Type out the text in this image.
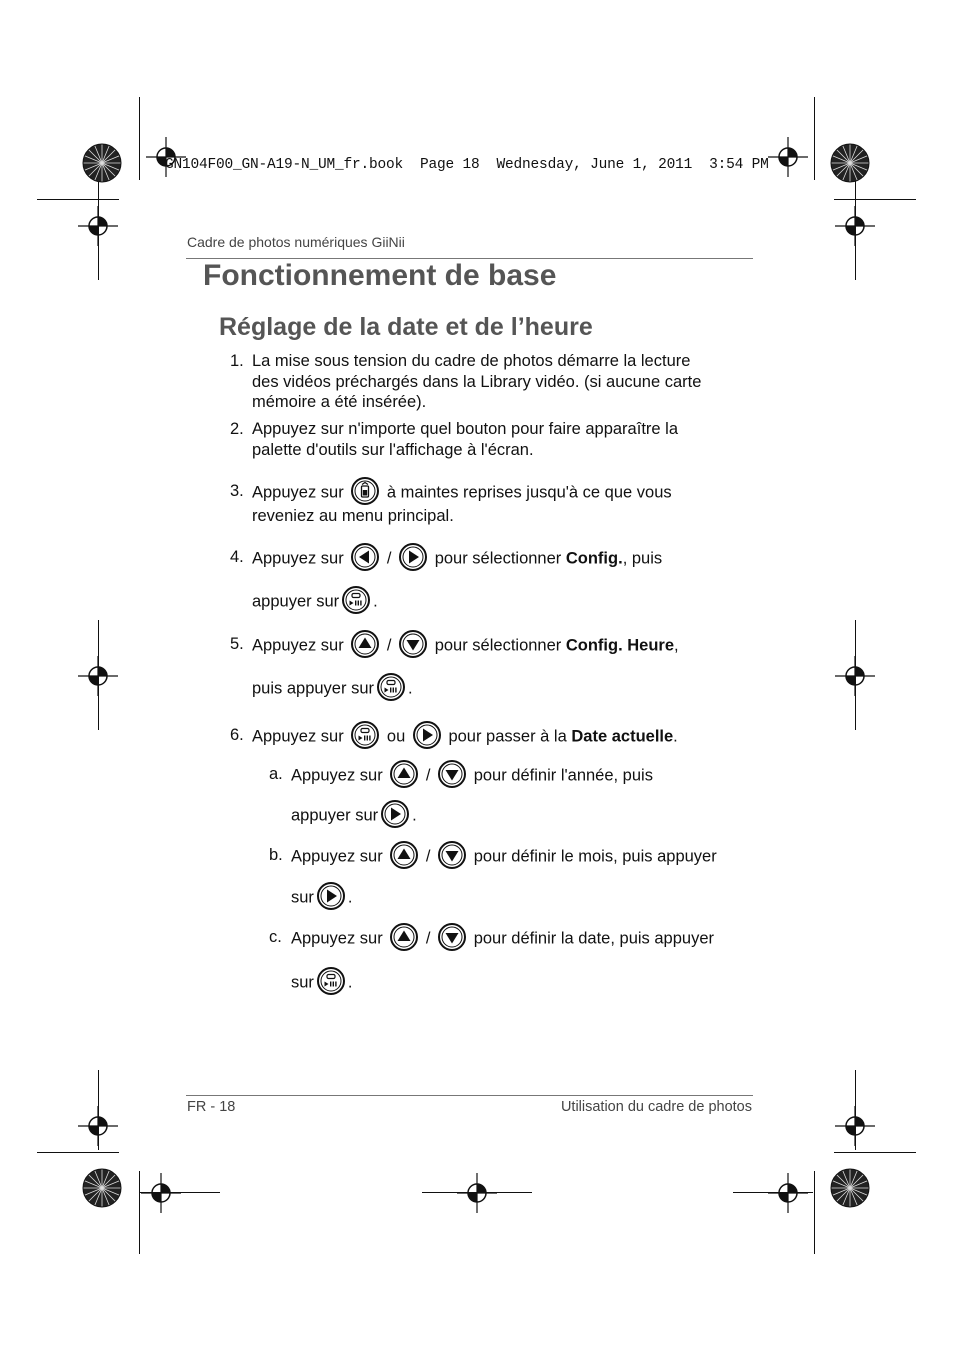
GN104F00_GN-A19-N_UM_fr.book  Page 18  Wednesday, June 1, 2011  3:54 PM
Cadre de photos numériques GiiNii
Fonctionnement de base
Réglage de la date et de l’heure
1. La mise sous tension du cadre de photos démarre la lecture
des vidéos préchargés dans la Library vidéo. (si aucune carte
mémoire a été insérée).
2. Appuyez sur n'importe quel bouton pour faire apparaître la
palette d'outils sur l'affichage à l'écran.
3. Appuyez sur	à maintes reprises jusqu'à ce que vous
reveniez au menu principal.
4. Appuyez sur	/	pour sélectionner Config., puis
appuyer sur .
5. Appuyez sur	/	pour sélectionner Config. Heure,
puis appuyer sur .
6. Appuyez sur	ou	pour passer à la Date actuelle.
a. Appuyez sur	/	pour définir l'année, puis
appuyer sur .
b. Appuyez sur	/	pour définir le mois, puis appuyer
sur .
c. Appuyez sur	/	pour définir la date, puis appuyer
sur .
FR - 18	Utilisation du cadre de photos
